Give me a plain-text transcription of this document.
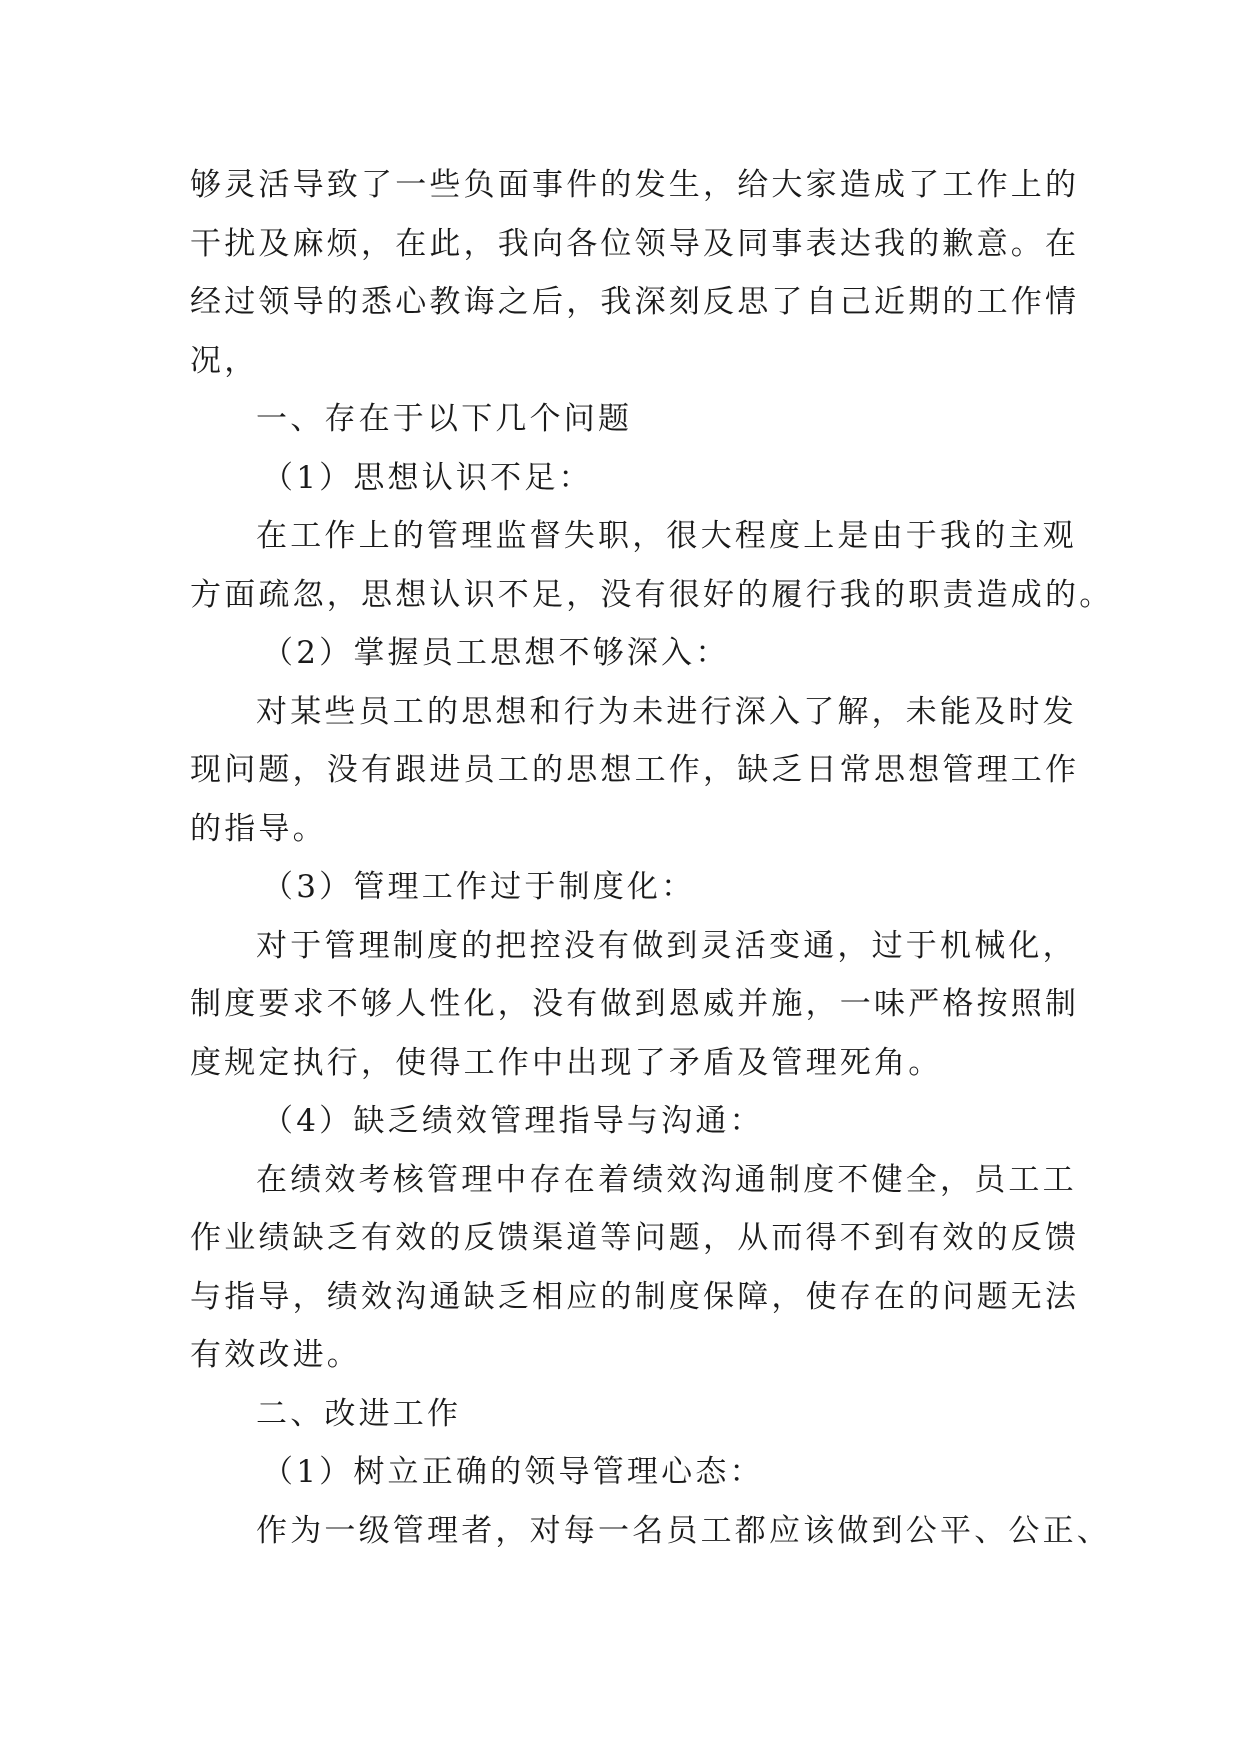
够灵活导致了一些负面事件的发生，给大家造成了工作上的
干扰及麻烦，在此，我向各位领导及同事表达我的歉意。在
经过领导的悉心教诲之后，我深刻反思了自己近期的工作情
况，
一、存在于以下几个问题
（1）思想认识不足：
在工作上的管理监督失职，很大程度上是由于我的主观
方面疏忽，思想认识不足，没有很好的履行我的职责造成的。
（2）掌握员工思想不够深入：
对某些员工的思想和行为未进行深入了解，未能及时发
现问题，没有跟进员工的思想工作，缺乏日常思想管理工作
的指导。
（3）管理工作过于制度化：
对于管理制度的把控没有做到灵活变通，过于机械化，
制度要求不够人性化，没有做到恩威并施，一味严格按照制
度规定执行，使得工作中出现了矛盾及管理死角。
（4）缺乏绩效管理指导与沟通：
在绩效考核管理中存在着绩效沟通制度不健全，员工工
作业绩缺乏有效的反馈渠道等问题，从而得不到有效的反馈
与指导，绩效沟通缺乏相应的制度保障，使存在的问题无法
有效改进。
二、改进工作
（1）树立正确的领导管理心态：
作为一级管理者，对每一名员工都应该做到公平、公正、
